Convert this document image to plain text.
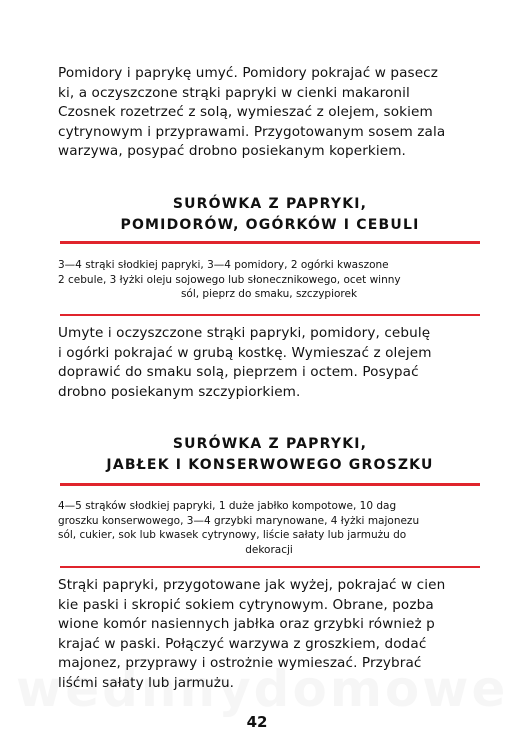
Pomidory i paprykę umyć. Pomidory pokrajać w pasecz
ki, a oczyszczone strąki papryki w cienki makaronil
Czosnek rozetrzeć z solą, wymieszać z olejem, sokiem
cytrynowym i przyprawami. Przygotowanym sosem zala
warzywa, posypać drobno posiekanym koperkiem.

SURÓWKA Z PAPRYKI,
POMIDORÓW, OGÓRKÓW I CEBULI

3—4 strąki słodkiej papryki, 3—4 pomidory, 2 ogórki kwaszone
2 cebule, 3 łyżki oleju sojowego lub słonecznikowego, ocet winny
sól, pieprz do smaku, szczypiorek

Umyte i oczyszczone strąki papryki, pomidory, cebulę
i ogórki pokrajać w grubą kostkę. Wymieszać z olejem
doprawić do smaku solą, pieprzem i octem. Posypać
drobno posiekanym szczypiorkiem.

SURÓWKA Z PAPRYKI,
JABŁEK I KONSERWOWEGO GROSZKU

4—5 strąków słodkiej papryki, 1 duże jabłko kompotowe, 10 dag
groszku konserwowego, 3—4 grzybki marynowane, 4 łyżki majonezu
sól, cukier, sok lub kwasek cytrynowy, liście sałaty lub jarmużu do
dekoracji

Strąki papryki, przygotowane jak wyżej, pokrajać w cien
kie paski i skropić sokiem cytrynowym. Obrane, pozba
wione komór nasiennych jabłka oraz grzybki również p
krajać w paski. Połączyć warzywa z groszkiem, dodać
majonez, przyprawy i ostrożnie wymieszać. Przybrać
liśćmi sałaty lub jarmużu.

42
